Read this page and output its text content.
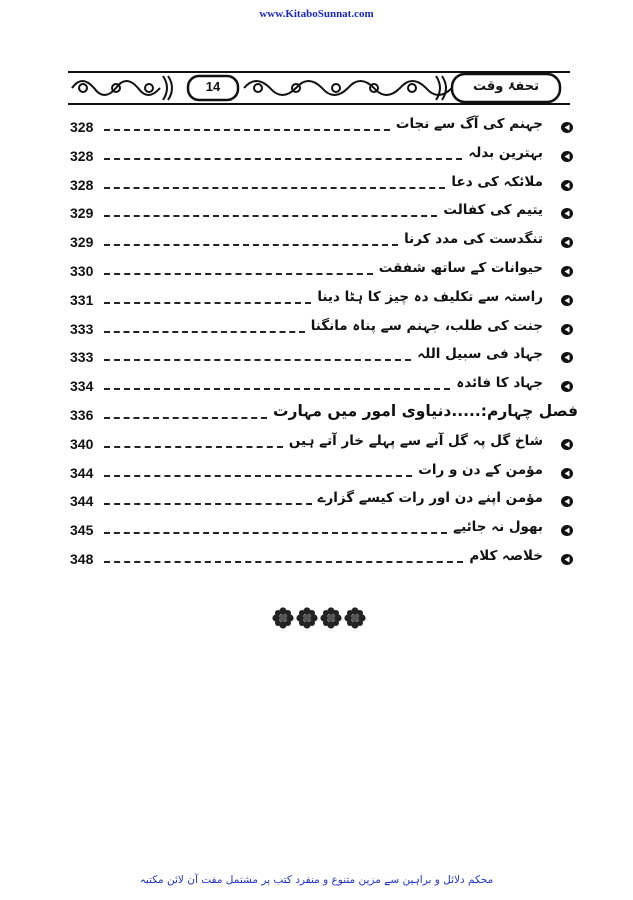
www.KitaboSunnat.com
14	تحفۂ وقت
328	جہنم کی آگ سے نجات
328	بہترین بدلہ
328	ملائکہ کی دعا
329	یتیم کی کفالت
329	تنگدست کی مدد کرنا
330	حیوانات کے ساتھ شفقت
331	راستہ سے تکلیف دہ چیز کا ہٹا دینا
333	جنت کی طلب، جہنم سے پناہ مانگنا
333	جہاد فی سبیل اللہ
334	جہاد کا فائدہ
336	فصل چہارم:.....دنیاوی امور میں مہارت
340	شاخ گل پہ گل آنے سے پہلے خار آتے ہیں
344	مؤمن کے دن و رات
344	مؤمن اپنے دن اور رات کیسے گزارے
345	بھول نہ جائیے
348	خلاصہ کلام
محکم دلائل و براہین سے مزین متنوع و منفرد کتب پر مشتمل مفت آن لائن مکتبہ
